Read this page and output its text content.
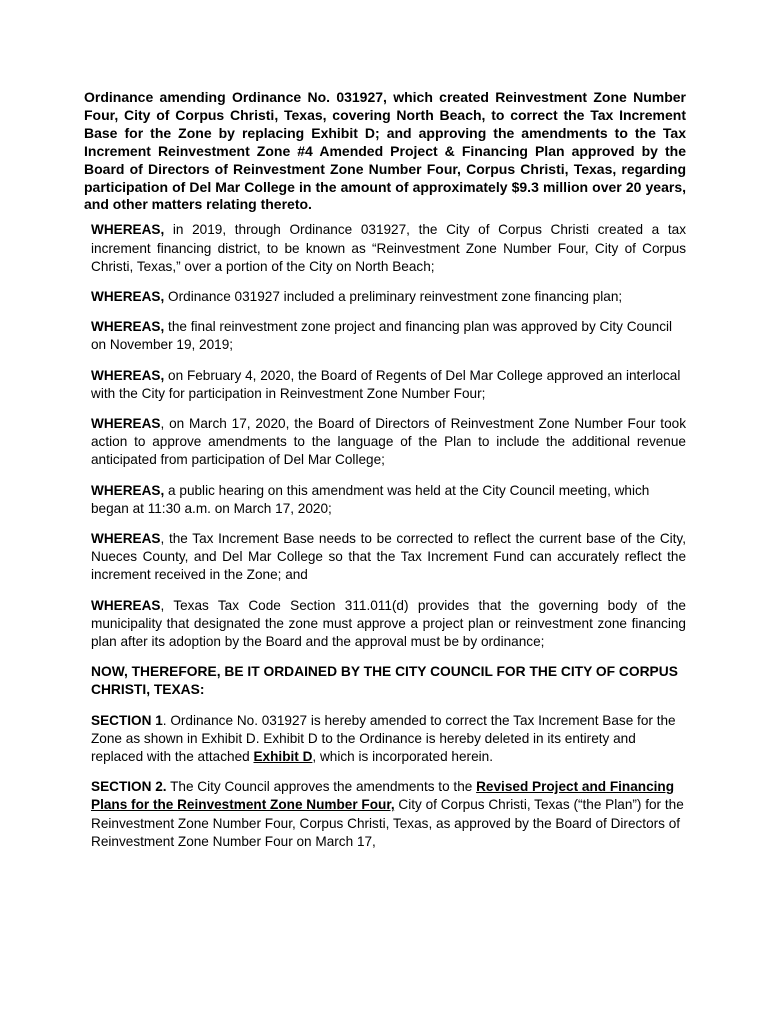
Ordinance amending Ordinance No. 031927, which created Reinvestment Zone Number Four, City of Corpus Christi, Texas, covering North Beach, to correct the Tax Increment Base for the Zone by replacing Exhibit D; and approving the amendments to the Tax Increment Reinvestment Zone #4 Amended Project & Financing Plan approved by the Board of Directors of Reinvestment Zone Number Four, Corpus Christi, Texas, regarding participation of Del Mar College in the amount of approximately $9.3 million over 20 years, and other matters relating thereto.

WHEREAS, in 2019, through Ordinance 031927, the City of Corpus Christi created a tax increment financing district, to be known as “Reinvestment Zone Number Four, City of Corpus Christi, Texas,” over a portion of the City on North Beach;

WHEREAS, Ordinance 031927 included a preliminary reinvestment zone financing plan;

WHEREAS, the final reinvestment zone project and financing plan was approved by City Council on November 19, 2019;

WHEREAS, on February 4, 2020, the Board of Regents of Del Mar College approved an interlocal with the City for participation in Reinvestment Zone Number Four;

WHEREAS, on March 17, 2020, the Board of Directors of Reinvestment Zone Number Four took action to approve amendments to the language of the Plan to include the additional revenue anticipated from participation of Del Mar College;

WHEREAS, a public hearing on this amendment was held at the City Council meeting, which began at 11:30 a.m. on March 17, 2020;

WHEREAS, the Tax Increment Base needs to be corrected to reflect the current base of the City, Nueces County, and Del Mar College so that the Tax Increment Fund can accurately reflect the increment received in the Zone; and

WHEREAS, Texas Tax Code Section 311.011(d) provides that the governing body of the municipality that designated the zone must approve a project plan or reinvestment zone financing plan after its adoption by the Board and the approval must be by ordinance;

NOW, THEREFORE, BE IT ORDAINED BY THE CITY COUNCIL FOR THE CITY OF CORPUS CHRISTI, TEXAS:

SECTION 1. Ordinance No. 031927 is hereby amended to correct the Tax Increment Base for the Zone as shown in Exhibit D. Exhibit D to the Ordinance is hereby deleted in its entirety and replaced with the attached Exhibit D, which is incorporated herein.

SECTION 2. The City Council approves the amendments to the Revised Project and Financing Plans for the Reinvestment Zone Number Four, City of Corpus Christi, Texas (“the Plan”) for the Reinvestment Zone Number Four, Corpus Christi, Texas, as approved by the Board of Directors of Reinvestment Zone Number Four on March 17,
